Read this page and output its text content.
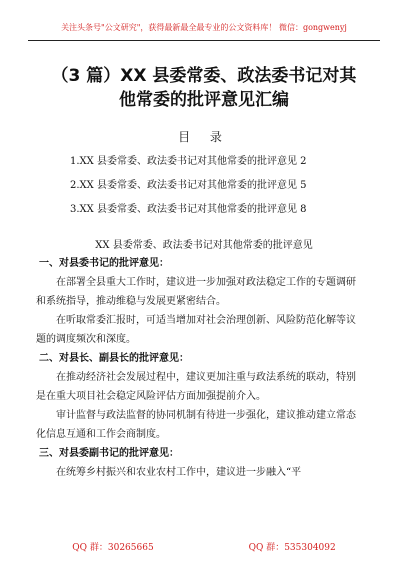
关注头条号"公文研究"，获得最新最全最专业的公文资料库！ 微信：gongwenyj
（3 篇）XX 县委常委、政法委书记对其
他常委的批评意见汇编
目 录
1.XX 县委常委、政法委书记对其他常委的批评意见 2
2.XX 县委常委、政法委书记对其他常委的批评意见 5
3.XX 县委常委、政法委书记对其他常委的批评意见 8
XX 县委常委、政法委书记对其他常委的批评意见
一、对县委书记的批评意见：

在部署全县重大工作时，建议进一步加强对政法稳定工作的专题调研和系统指导，推动维稳与发展更紧密结合。

在听取常委汇报时，可适当增加对社会治理创新、风险防范化解等议题的调度频次和深度。

二、对县长、副县长的批评意见：

在推动经济社会发展过程中，建议更加注重与政法系统的联动，特别是在重大项目社会稳定风险评估方面加强提前介入。

审计监督与政法监督的协同机制有待进一步强化，建议推动建立常态化信息互通和工作会商制度。

三、对县委副书记的批评意见：

在统筹乡村振兴和农业农村工作中，建议进一步融入“平

QQ 群：30265665	QQ 群：535304092
